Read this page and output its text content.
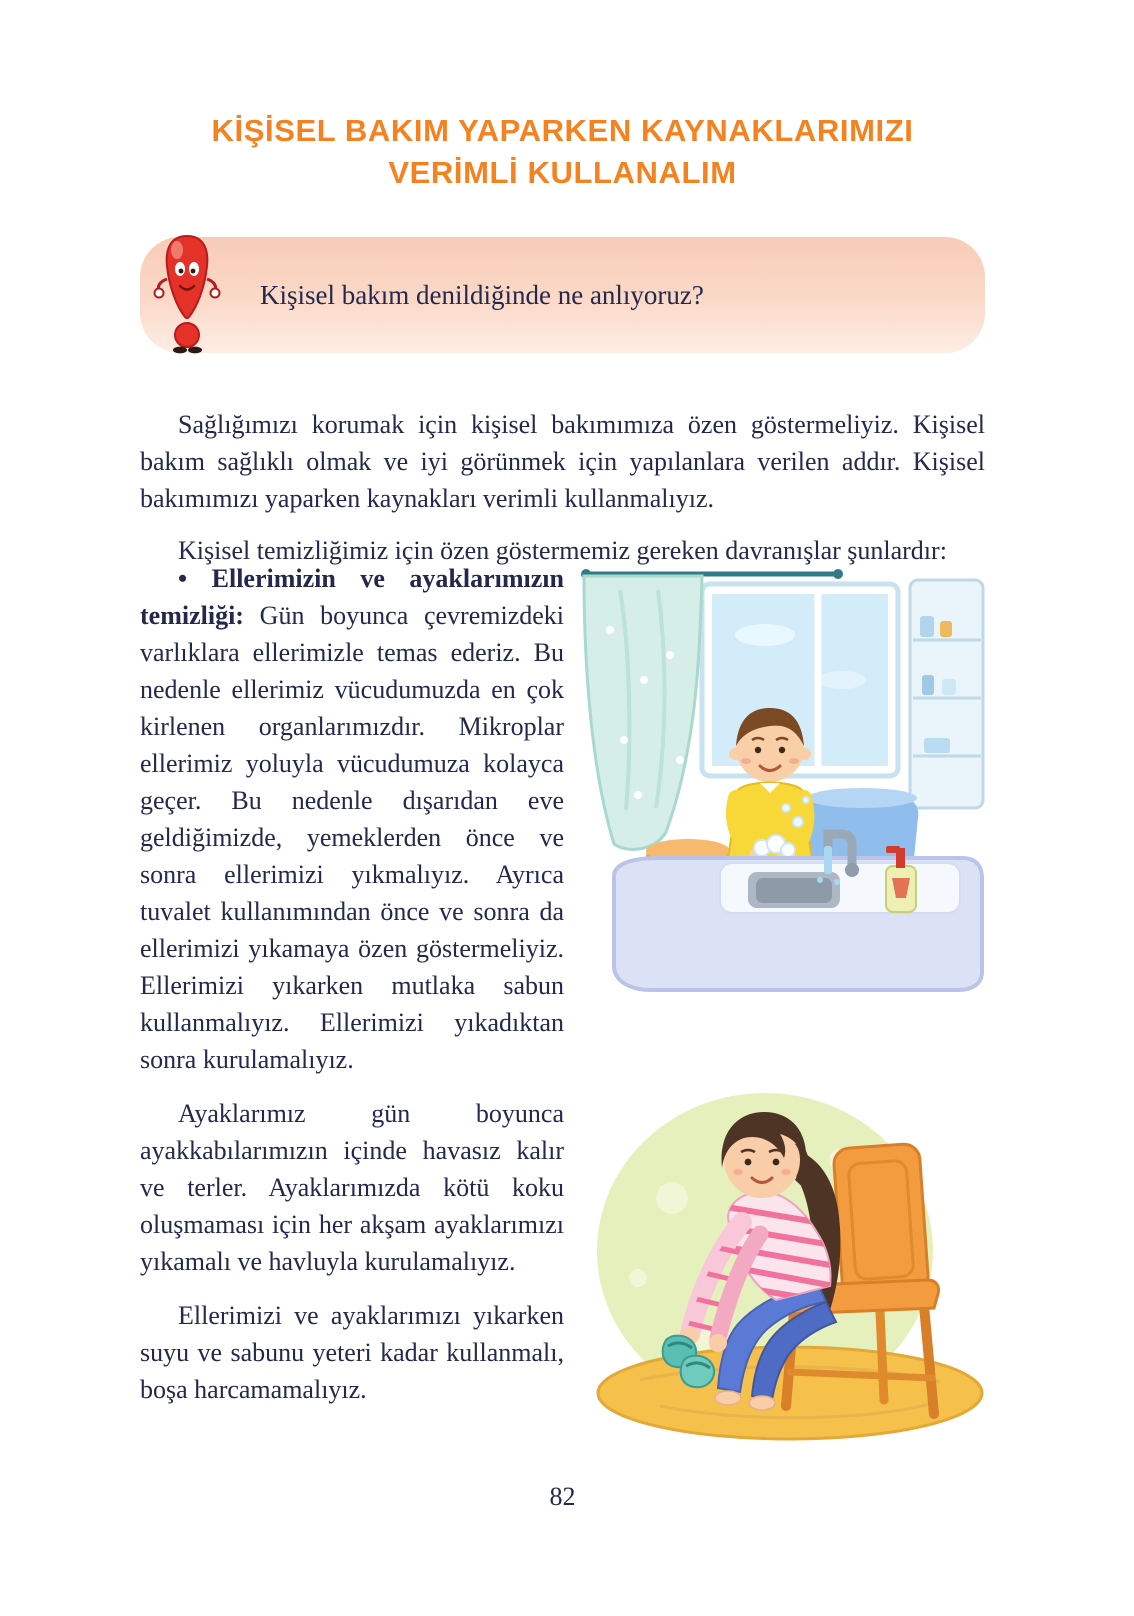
KİŞİSEL BAKIM YAPARKEN KAYNAKLARIMIZI
VERİMLİ KULLANALIM
Kişisel bakım denildiğinde ne anlıyoruz?

Sağlığımızı korumak için kişisel bakımımıza özen göstermeliyiz. Kişisel bakım sağlıklı olmak ve iyi görünmek için yapılanlara verilen addır. Kişisel bakımımızı yaparken kaynakları verimli kullanmalıyız.

Kişisel temizliğimiz için özen göstermemiz gereken davranışlar şunlardır:

• Ellerimizin ve ayaklarımızın temizliği: Gün boyunca çevremizdeki varlıklara ellerimizle temas ederiz. Bu nedenle ellerimiz vücudumuzda en çok kirlenen organlarımızdır. Mikroplar ellerimiz yoluyla vücudumuza kolayca geçer. Bu nedenle dışarıdan eve geldiğimizde, yemeklerden önce ve sonra ellerimizi yıkmalıyız. Ayrıca tuvalet kullanımından önce ve sonra da ellerimizi yıkamaya özen göstermeliyiz. Ellerimizi yıkarken mutlaka sabun kullanmalıyız. Ellerimizi yıkadıktan sonra kurulamalıyız.

Ayaklarımız gün boyunca ayakkabılarımızın içinde havasız kalır ve terler. Ayaklarımızda kötü koku oluşmaması için her akşam ayaklarımızı yıkamalı ve havluyla kurulamalıyız.

Ellerimizi ve ayaklarımızı yıkarken suyu ve sabunu yeteri kadar kullanmalı, boşa harcamamalıyız.

82
